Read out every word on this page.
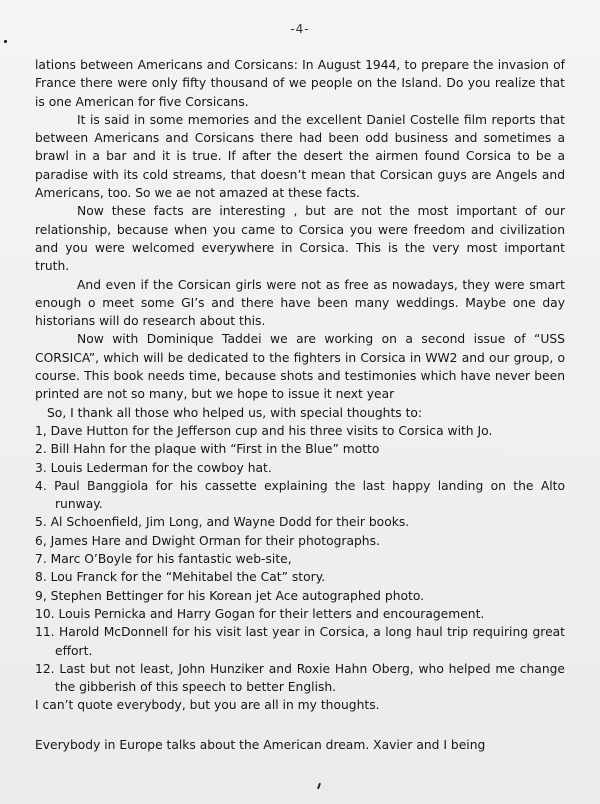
-4-

lations between Americans and Corsicans: In August 1944, to prepare the invasion of France there were only fifty thousand of we people on the Island. Do you realize that is one American for five Corsicans.

It is said in some memories and the excellent Daniel Costelle film reports that between Americans and Corsicans there had been odd business and sometimes a brawl in a bar and it is true. If after the desert the airmen found Corsica to be a paradise with its cold streams, that doesn’t mean that Corsican guys are Angels and Americans, too. So we ae not amazed at these facts.

Now these facts are interesting , but are not the most important of our relationship, because when you came to Corsica you were freedom and civilization and you were welcomed everywhere in Corsica. This is the very most important truth.

And even if the Corsican girls were not as free as nowadays, they were smart enough o meet some GI’s and there have been many weddings. Maybe one day historians will do research about this.

Now with Dominique Taddei we are working on a second issue of “USS CORSICA”, which will be dedicated to the fighters in Corsica in WW2 and our group, o course. This book needs time, because shots and testimonies which have never been printed are not so many, but we hope to issue it next year

So, I thank all those who helped us, with special thoughts to:

1, Dave Hutton for the Jefferson cup and his three visits to Corsica with Jo.
2. Bill Hahn for the plaque with “First in the Blue” motto
3. Louis Lederman for the cowboy hat.
4. Paul Banggiola for his cassette explaining the last happy landing on the Alto runway.
5. Al Schoenfield, Jim Long, and Wayne Dodd for their books.
6, James Hare and Dwight Orman for their photographs.
7. Marc O’Boyle for his fantastic web-site,
8. Lou Franck for the “Mehitabel the Cat” story.
9, Stephen Bettinger for his Korean jet Ace autographed photo.
10. Louis Pernicka and Harry Gogan for their letters and encouragement.
11. Harold McDonnell for his visit last year in Corsica, a long haul trip requiring great effort.
12. Last but not least, John Hunziker and Roxie Hahn Oberg, who helped me change the gibberish of this speech to better English.

I can’t quote everybody, but you are all in my thoughts.

Everybody in Europe talks about the American dream. Xavier and I being
